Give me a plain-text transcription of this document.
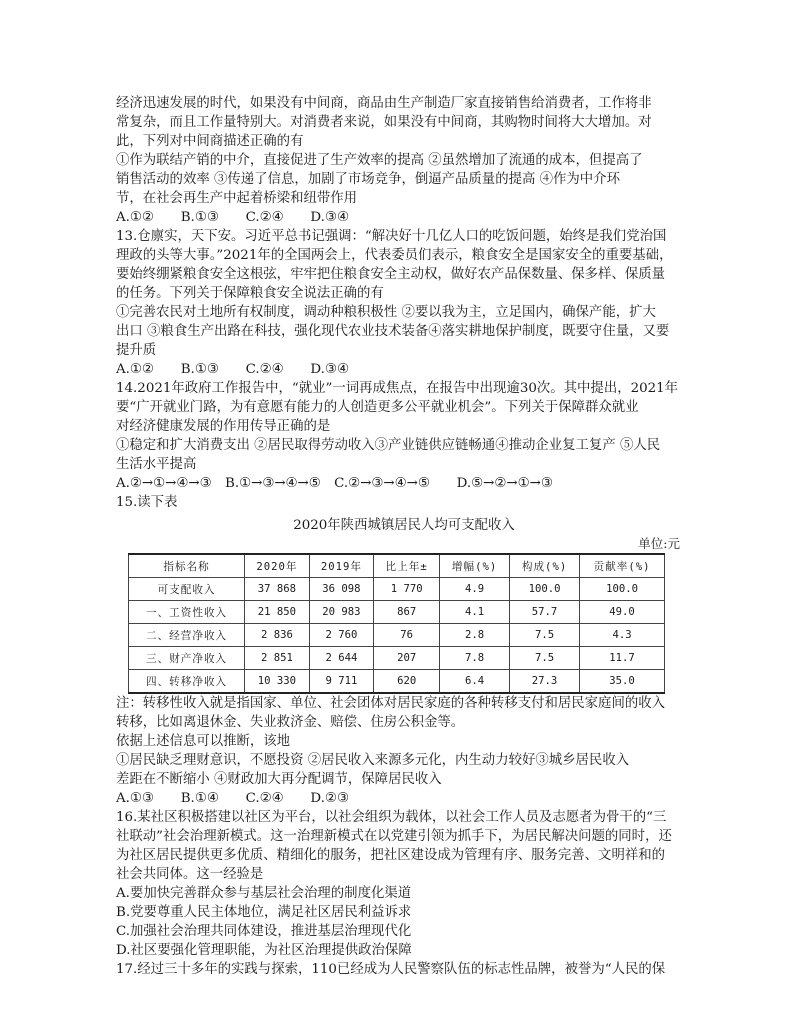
经济迅速发展的时代，如果没有中间商，商品由生产制造厂家直接销售给消费者，工作将非

常复杂，而且工作量特别大。对消费者来说，如果没有中间商，其购物时间将大大增加。对

此，下列对中间商描述正确的有

①作为联结产销的中介，直接促进了生产效率的提高 ②虽然增加了流通的成本，但提高了

销售活动的效率 ③传递了信息，加剧了市场竞争，倒逼产品质量的提高 ④作为中介环

节，在社会再生产中起着桥梁和纽带作用

A.①②　　B.①③　　C.②④　　D.③④

13.仓廪实，天下安。习近平总书记强调：“解决好十几亿人口的吃饭问题，始终是我们党治国

理政的头等大事。”2021年的全国两会上，代表委员们表示，粮食安全是国家安全的重要基础，

要始终绷紧粮食安全这根弦，牢牢把住粮食安全主动权，做好农产品保数量、保多样、保质量

的任务。下列关于保障粮食安全说法正确的有

①完善农民对土地所有权制度，调动种粮积极性 ②要以我为主，立足国内，确保产能，扩大

出口 ③粮食生产出路在科技，强化现代农业技术装备④落实耕地保护制度，既要守住量，又要

提升质

A.①②　　B.①③　　C.②④　　D.③④

14.2021年政府工作报告中，“就业”一词再成焦点，在报告中出现逾30次。其中提出，2021年

要“广开就业门路，为有意愿有能力的人创造更多公平就业机会”。下列关于保障群众就业

对经济健康发展的作用传导正确的是

①稳定和扩大消费支出 ②居民取得劳动收入③产业链供应链畅通④推动企业复工复产 ⑤人民

生活水平提高

A.②→①→④→③　B.①→③→④→⑤　C.②→③→④→⑤　　D.⑤→②→①→③

15.读下表

2020年陕西城镇居民人均可支配收入

单位:元

指标名称	2020年	2019年	比上年±	增幅(%)	构成(%)	贡献率(%)
可支配收入	37 868	36 098	1 770	4.9	100.0	100.0
一、工资性收入	21 850	20 983	867	4.1	57.7	49.0
二、经营净收入	2 836	2 760	76	2.8	7.5	4.3
三、财产净收入	2 851	2 644	207	7.8	7.5	11.7
四、转移净收入	10 330	9 711	620	6.4	27.3	35.0

注：转移性收入就是指国家、单位、社会团体对居民家庭的各种转移支付和居民家庭间的收入

转移，比如离退休金、失业救济金、赔偿、住房公积金等。

依据上述信息可以推断，该地

①居民缺乏理财意识，不愿投资 ②居民收入来源多元化，内生动力较好③城乡居民收入

差距在不断缩小 ④财政加大再分配调节，保障居民收入

A.①③　　B.①④　　C.②④　　D.②③

16.某社区积极搭建以社区为平台，以社会组织为载体，以社会工作人员及志愿者为骨干的“三

社联动”社会治理新模式。这一治理新模式在以党建引领为抓手下，为居民解决问题的同时，还

为社区居民提供更多优质、精细化的服务，把社区建设成为管理有序、服务完善、文明祥和的

社会共同体。这一经验是

A.要加快完善群众参与基层社会治理的制度化渠道

B.党要尊重人民主体地位，满足社区居民利益诉求

C.加强社会治理共同体建设，推进基层治理现代化

D.社区要强化管理职能，为社区治理提供政治保障

17.经过三十多年的实践与探索，110已经成为人民警察队伍的标志性品牌，被誉为“人民的保
